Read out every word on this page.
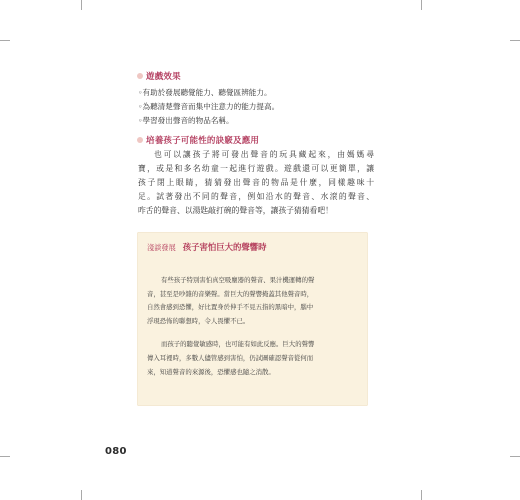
遊戲效果
◦有助於發展聽覺能力、聽覺區辨能力。
◦為聽清楚聲音而集中注意力的能力提高。
◦學習發出聲音的物品名稱。
培養孩子可能性的訣竅及應用
也可以讓孩子將可發出聲音的玩具藏起來，由媽媽尋
寶，或是和多名幼童一起進行遊戲。遊戲還可以更簡單，讓
孩子閉上眼睛，猜猜發出聲音的物品是什麼，同樣趣味十
足。試著發出不同的聲音，例如沿水的聲音、水滾的聲音、
咋舌的聲音、以湯匙敲打碗的聲音等，讓孩子猜猜看吧！
淺談發展 孩子害怕巨大的聲響時
有些孩子特別害怕真空吸塵器的聲音、果汁機運轉的聲
音，甚至是吵雜的音樂聲。當巨大的聲響掩蓋其他聲音時，
自然會感到恐懼，好比置身於伸手不見五指的黑暗中，腦中
浮現恐怖的聯想時，令人畏懼不已。
而孩子的聽覺敏感時，也可能有如此反應。巨大的聲響
傳入耳裡時，多數人儘管感到害怕，仍試圖確認聲音從何而
來，知道聲音的來源後，恐懼感也隨之消散。
080
